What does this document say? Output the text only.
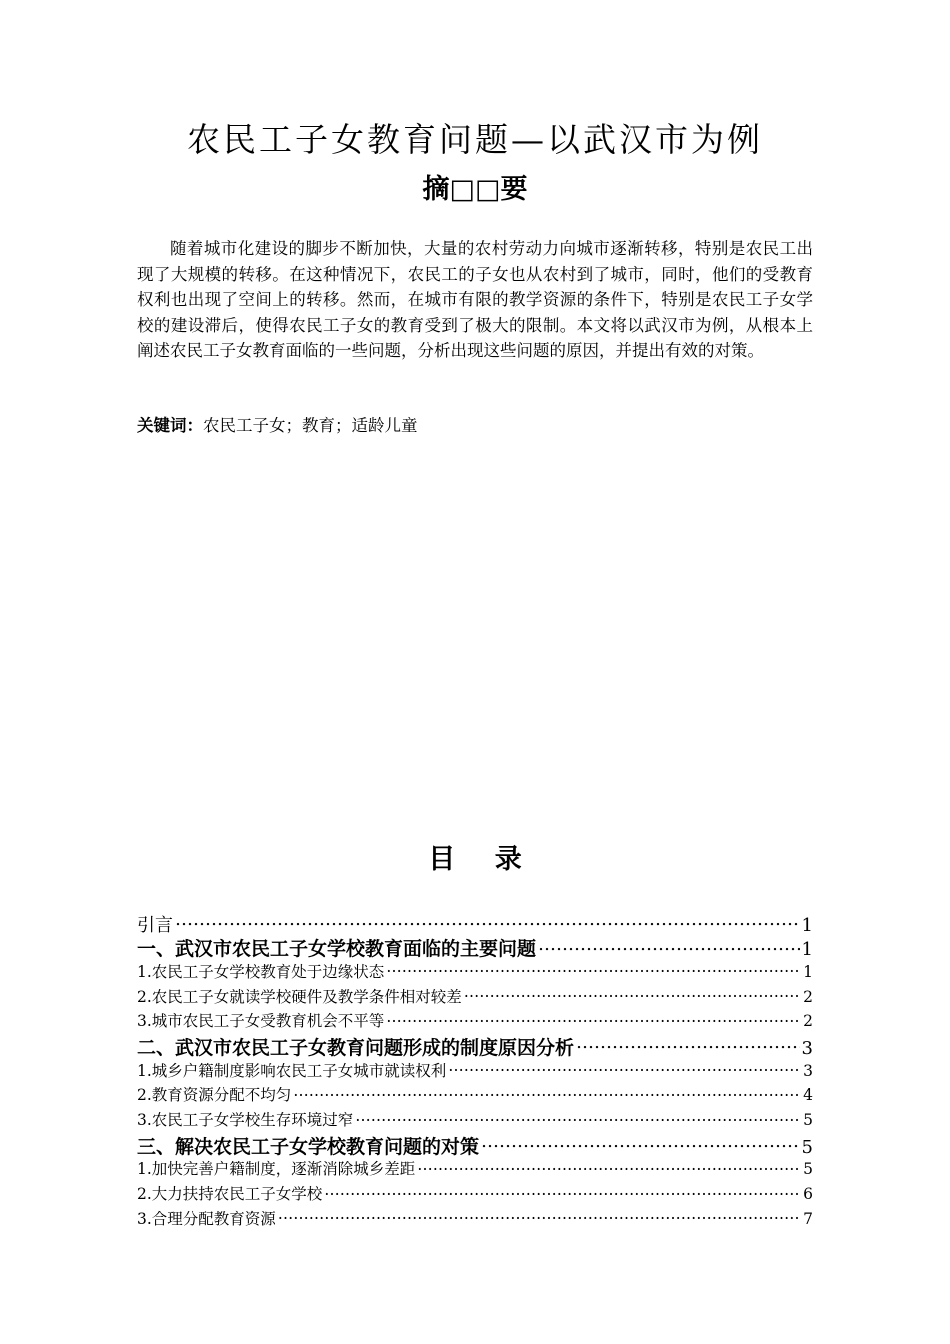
农民工子女教育问题—以武汉市为例
摘□□要

随着城市化建设的脚步不断加快，大量的农村劳动力向城市逐渐转移，特别是农民工出现了大规模的转移。在这种情况下，农民工的子女也从农村到了城市，同时，他们的受教育权利也出现了空间上的转移。然而，在城市有限的教学资源的条件下，特别是农民工子女学校的建设滞后，使得农民工子女的教育受到了极大的限制。本文将以武汉市为例，从根本上阐述农民工子女教育面临的一些问题，分析出现这些问题的原因，并提出有效的对策。

关键词：农民工子女；教育；适龄儿童
目 录
引言 ……………………………………………………………………………………………………………………………………………………	1
一、武汉市农民工子女学校教育面临的主要问题 ……………………………………………………………………………………………………………………………………………………	1
1.农民工子女学校教育处于边缘状态 ……………………………………………………………………………………………………………………………………………………	1
2.农民工子女就读学校硬件及教学条件相对较差 ……………………………………………………………………………………………………………………………………………………	2
3.城市农民工子女受教育机会不平等 ……………………………………………………………………………………………………………………………………………………	2
二、武汉市农民工子女教育问题形成的制度原因分析 ……………………………………………………………………………………………………………………………………………………	3
1.城乡户籍制度影响农民工子女城市就读权利 ……………………………………………………………………………………………………………………………………………………	3
2.教育资源分配不均匀 ……………………………………………………………………………………………………………………………………………………	4
3.农民工子女学校生存环境过窄 ……………………………………………………………………………………………………………………………………………………	5
三、解决农民工子女学校教育问题的对策 ……………………………………………………………………………………………………………………………………………………	5
1.加快完善户籍制度，逐渐消除城乡差距 ……………………………………………………………………………………………………………………………………………………	5
2.大力扶持农民工子女学校 ……………………………………………………………………………………………………………………………………………………	6
3.合理分配教育资源 ……………………………………………………………………………………………………………………………………………………	7
